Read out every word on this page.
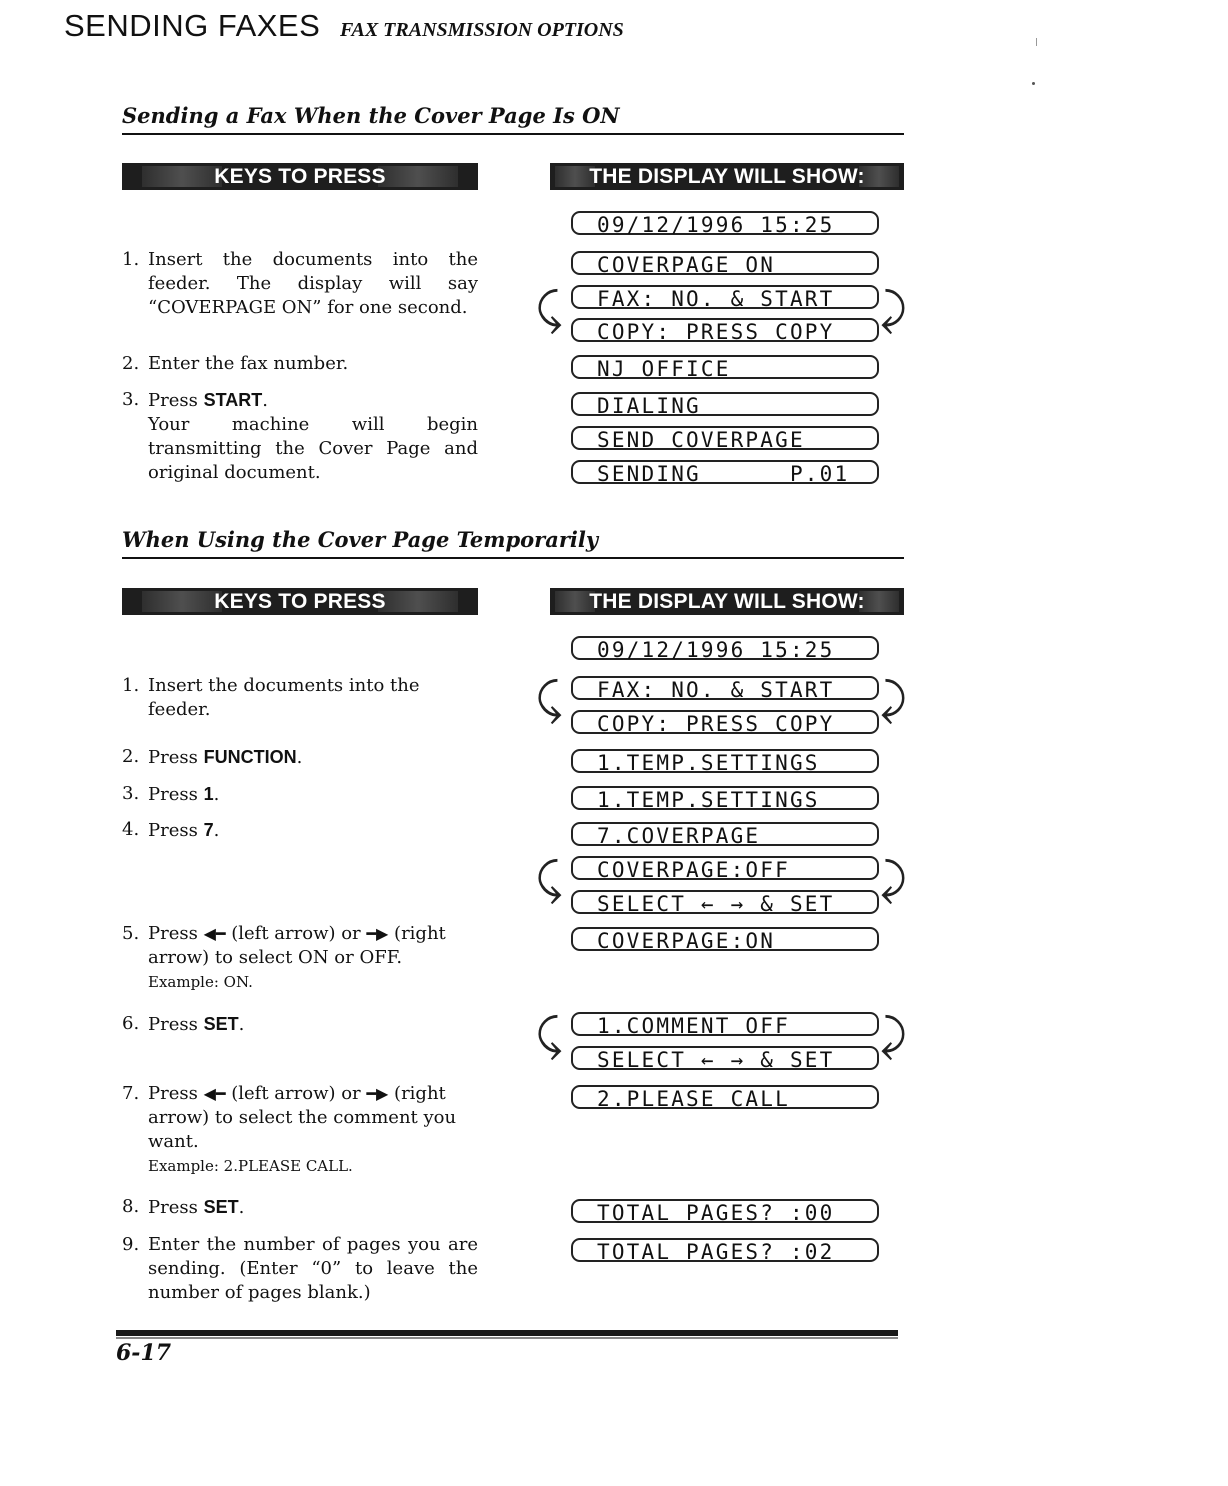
SENDING FAXES FAX TRANSMISSION OPTIONS
Sending a Fax When the Cover Page Is ON
KEYS TO PRESS	THE DISPLAY WILL SHOW:
1. Insert the documents into the feeder. The display will say “COVERPAGE ON” for one second.
2. Enter the fax number.
3. Press START.
Your machine will begin transmitting the Cover Page and original document.
09/12/1996 15:25
COVERPAGE ON
FAX: NO. & START
COPY: PRESS COPY
NJ OFFICE
DIALING
SEND COVERPAGE
SENDING      P.01
⤹	⤸
When Using the Cover Page Temporarily
KEYS TO PRESS	THE DISPLAY WILL SHOW:
1. Insert the documents into the feeder.
2. Press FUNCTION.
3. Press 1.
4. Press 7.
5. Press ◀━ (left arrow) or ━▶ (right arrow) to select ON or OFF.
Example: ON.
6. Press SET.
7. Press ◀━ (left arrow) or ━▶ (right arrow) to select the comment you want.
Example: 2.PLEASE CALL.
8. Press SET.
9. Enter the number of pages you are sending. (Enter “0” to leave the number of pages blank.)
09/12/1996 15:25
FAX: NO. & START
COPY: PRESS COPY
⤹	⤸
1.TEMP.SETTINGS
1.TEMP.SETTINGS
7.COVERPAGE
COVERPAGE:OFF
SELECT ← → & SET
⤹	⤸
COVERPAGE:ON
1.COMMENT OFF
SELECT ← → & SET
⤹	⤸
2.PLEASE CALL
TOTAL PAGES? :00
TOTAL PAGES? :02
6-17
